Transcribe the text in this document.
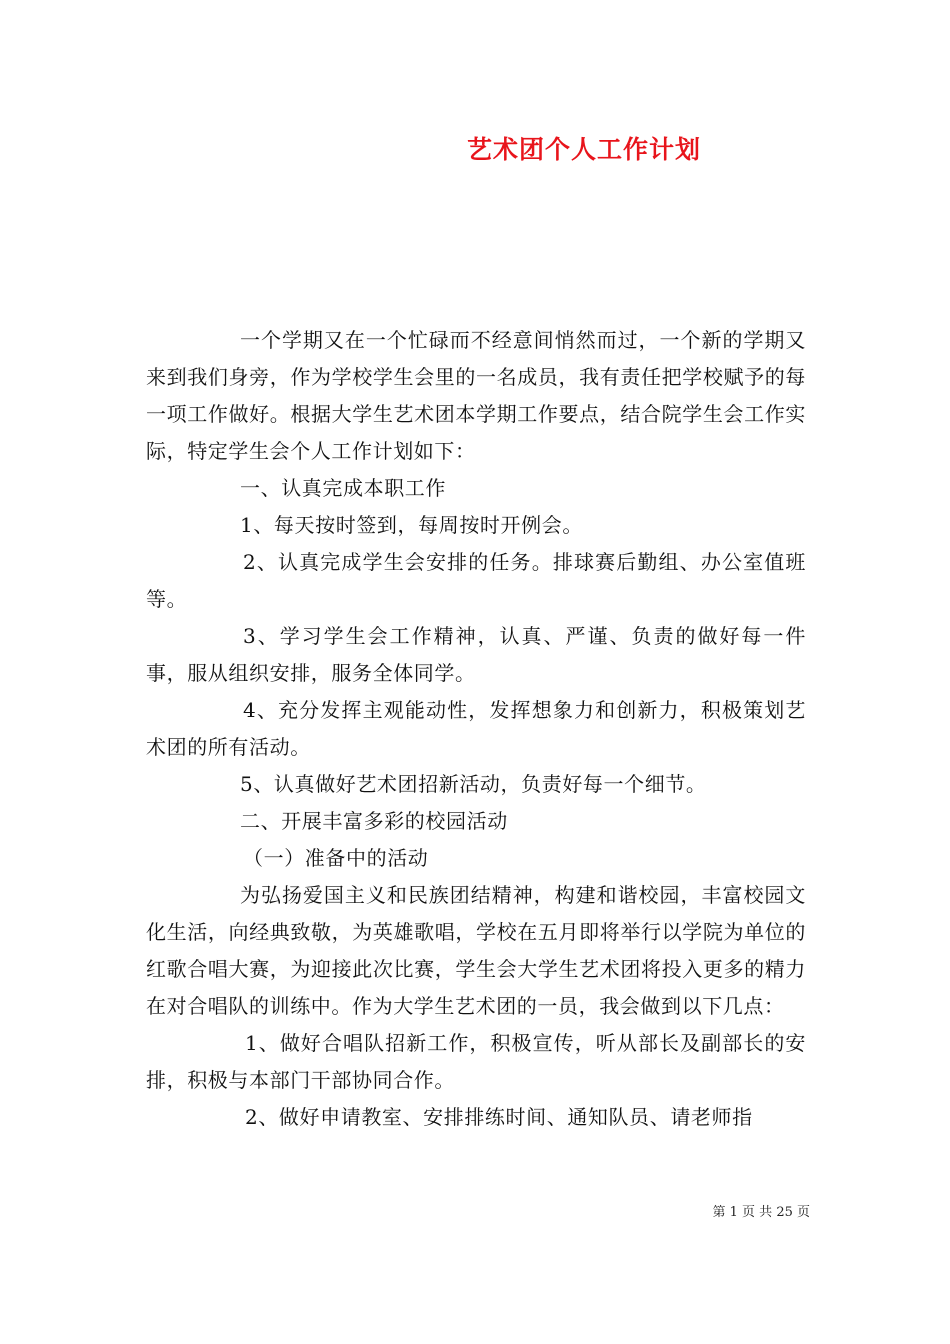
艺术团个人工作计划

一个学期又在一个忙碌而不经意间悄然而过，一个新的学期又来到我们身旁，作为学校学生会里的一名成员，我有责任把学校赋予的每一项工作做好。根据大学生艺术团本学期工作要点，结合院学生会工作实际，特定学生会个人工作计划如下：

一、认真完成本职工作

1、每天按时签到，每周按时开例会。

2、认真完成学生会安排的任务。排球赛后勤组、办公室值班等。

3、学习学生会工作精神，认真、严谨、负责的做好每一件事，服从组织安排，服务全体同学。

4、充分发挥主观能动性，发挥想象力和创新力，积极策划艺术团的所有活动。

5、认真做好艺术团招新活动，负责好每一个细节。

二、开展丰富多彩的校园活动

（一）准备中的活动

为弘扬爱国主义和民族团结精神，构建和谐校园，丰富校园文化生活，向经典致敬，为英雄歌唱，学校在五月即将举行以学院为单位的红歌合唱大赛，为迎接此次比赛，学生会大学生艺术团将投入更多的精力在对合唱队的训练中。作为大学生艺术团的一员，我会做到以下几点：

1、做好合唱队招新工作，积极宣传，听从部长及副部长的安排，积极与本部门干部协同合作。

2、做好申请教室、安排排练时间、通知队员、请老师指

第 1 页 共 25 页
